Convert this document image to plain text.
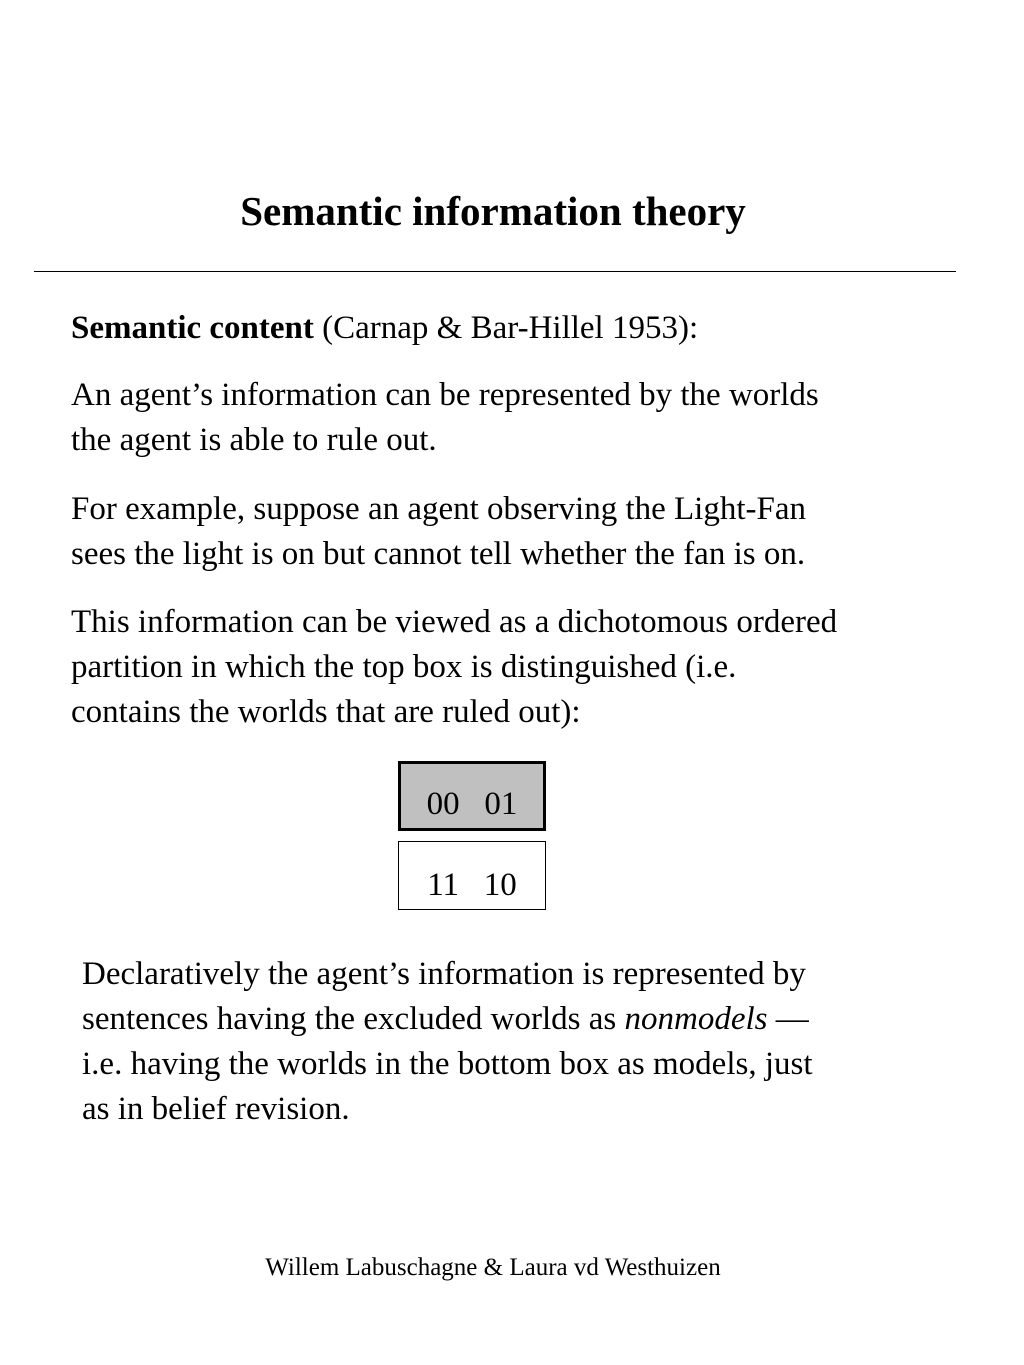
Semantic information theory
Semantic content (Carnap & Bar-Hillel 1953):
An agent’s information can be represented by the worlds
the agent is able to rule out.
For example, suppose an agent observing the Light-Fan
sees the light is on but cannot tell whether the fan is on.
This information can be viewed as a dichotomous ordered
partition in which the top box is distinguished (i.e.
contains the worlds that are ruled out):
00   01
11   10
Declaratively the agent’s information is represented by
sentences having the excluded worlds as nonmodels —
i.e. having the worlds in the bottom box as models, just
as in belief revision.
Willem Labuschagne & Laura vd Westhuizen
